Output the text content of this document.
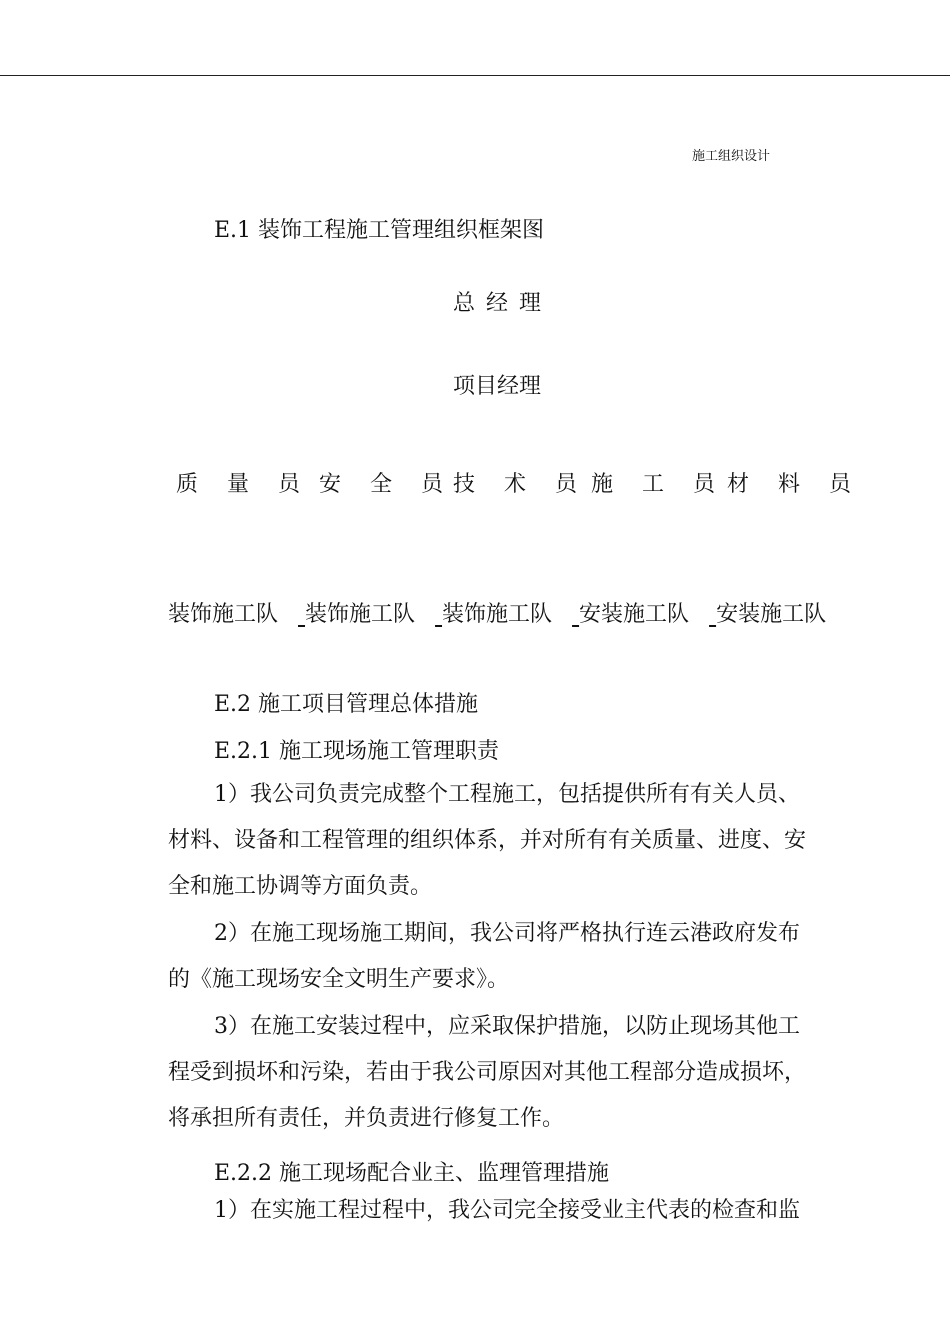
施工组织设计
E.1 装饰工程施工管理组织框架图
总 经 理
项目经理
质 量 员 安 全 员 技 术 员 施 工 员 材 料 员
装饰施工队 装饰施工队 装饰施工队 安装施工队 安装施工队
E.2 施工项目管理总体措施
E.2.1 施工现场施工管理职责
1）我公司负责完成整个工程施工，包括提供所有有关人员、
材料、设备和工程管理的组织体系，并对所有有关质量、进度、安
全和施工协调等方面负责。
2）在施工现场施工期间，我公司将严格执行连云港政府发布
的《施工现场安全文明生产要求》。
3）在施工安装过程中，应采取保护措施，以防止现场其他工
程受到损坏和污染，若由于我公司原因对其他工程部分造成损坏，
将承担所有责任，并负责进行修复工作。
E.2.2 施工现场配合业主、监理管理措施
1）在实施工程过程中，我公司完全接受业主代表的检查和监
